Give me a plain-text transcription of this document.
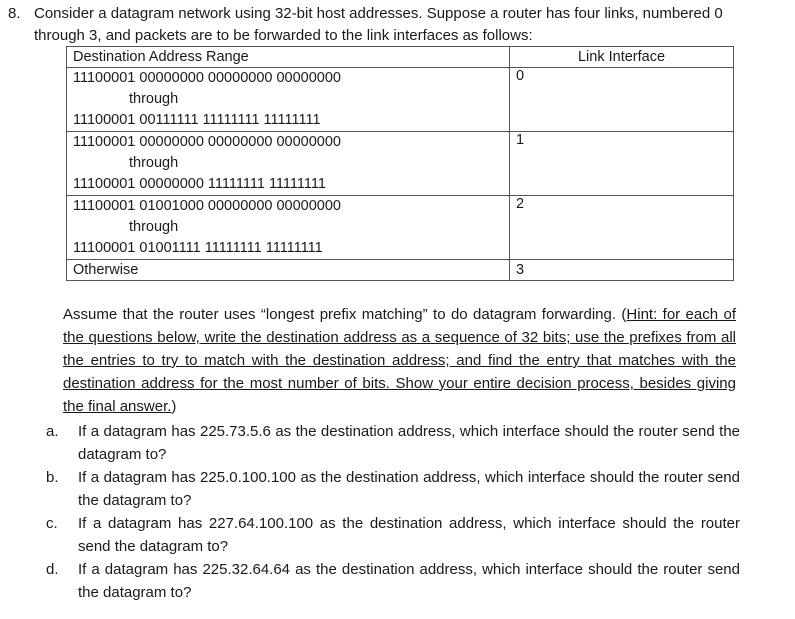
8. Consider a datagram network using 32-bit host addresses. Suppose a router has four links, numbered 0 through 3, and packets are to be forwarded to the link interfaces as follows:
Destination Address Range	Link Interface

11100001 00000000 00000000 00000000
through
11100001 00111111 11111111 11111111	0

11100001 00000000 00000000 00000000
through
11100001 00000000 11111111 11111111	1

11100001 01001000 00000000 00000000
through
11100001 01001111 11111111 11111111	2
Otherwise	3
Assume that the router uses “longest prefix matching” to do datagram forwarding. (Hint: for each of the questions below, write the destination address as a sequence of 32 bits; use the prefixes from all the entries to try to match with the destination address; and find the entry that matches with the destination address for the most number of bits. Show your entire decision process, besides giving the final answer.)
a.	If a datagram has 225.73.5.6 as the destination address, which interface should the router send the datagram to?
b.	If a datagram has 225.0.100.100 as the destination address, which interface should the router send the datagram to?
c.	If a datagram has 227.64.100.100 as the destination address, which interface should the router send the datagram to?
d.	If a datagram has 225.32.64.64 as the destination address, which interface should the router send the datagram to?
